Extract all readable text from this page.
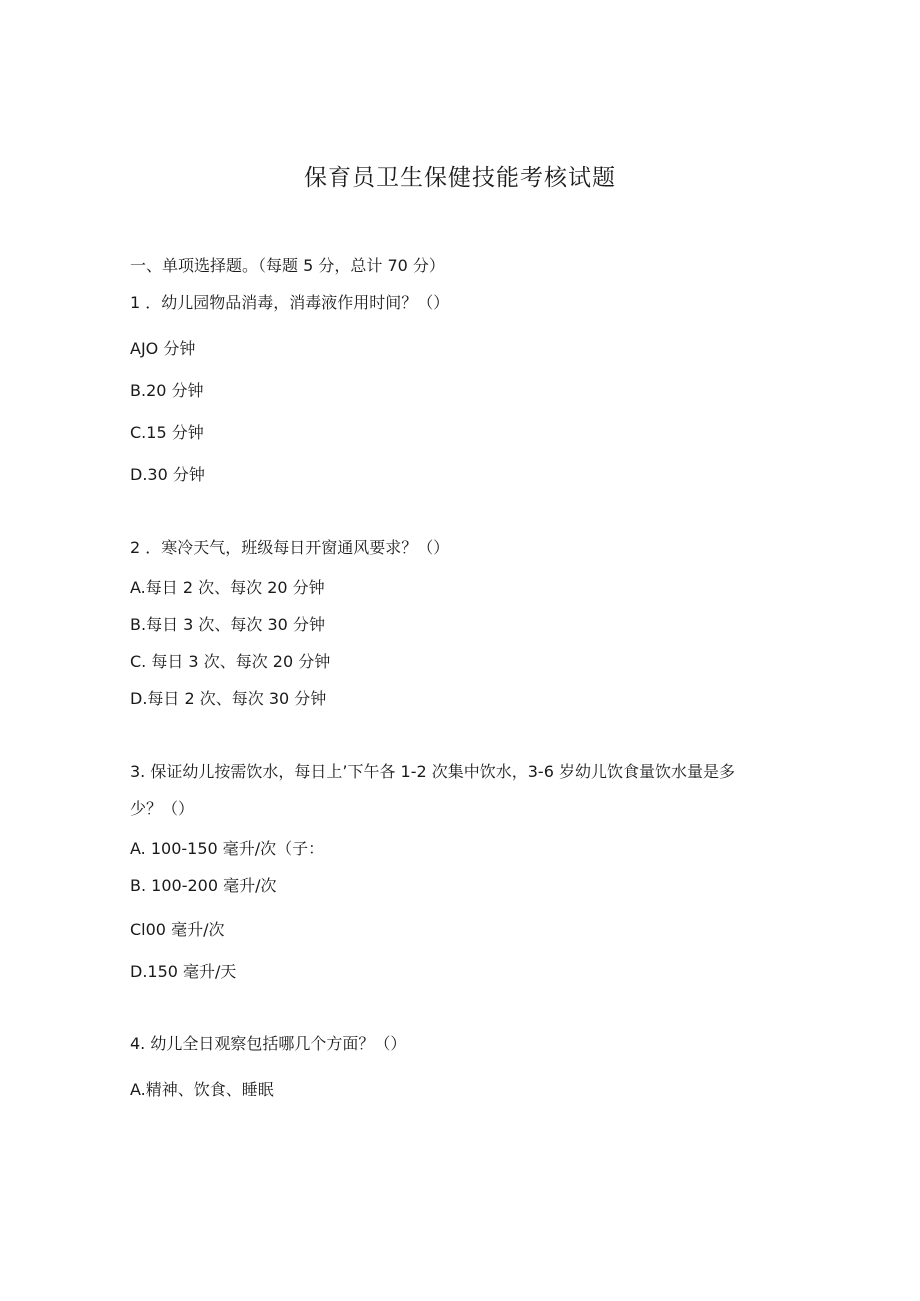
保育员卫生保健技能考核试题
一、单项选择题。（每题 5 分，总计 70 分）
1 ．幼儿园物品消毒，消毒液作用时间？（）
AJO 分钟
B.20 分钟
C.15 分钟
D.30 分钟
2 ．寒冷天气，班级每日开窗通风要求？（）
A.每日 2 次、每次 20 分钟
B.每日 3 次、每次 30 分钟
C. 每日 3 次、每次 20 分钟
D.每日 2 次、每次 30 分钟
3. 保证幼儿按需饮水，每日上’下午各 1-2 次集中饮水，3-6 岁幼儿饮食量饮水量是多
少？（）
A. 100-150 毫升/次（子：
B. 100-200 毫升/次
Cl00 毫升/次
D.150 毫升/天
4. 幼儿全日观察包括哪几个方面？（）
A.精神、饮食、睡眠
